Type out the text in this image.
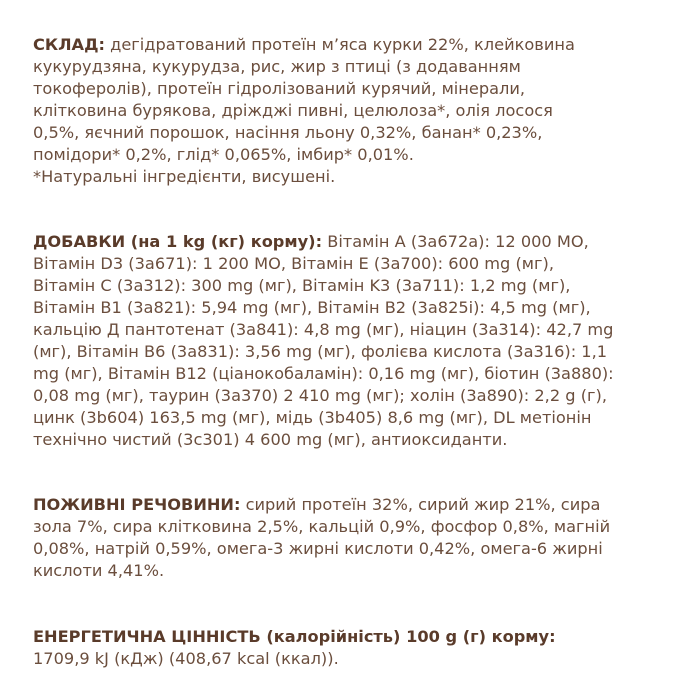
СКЛАД: дегідратований протеїн м’яса курки 22%, клейковина
кукурудзяна, кукурудза, рис, жир з птиці (з додаванням
токоферолів), протеїн гідролізований курячий, мінерали,
клітковина бурякова, дріжджі пивні, целюлоза*, олія лосося
0,5%, яєчний порошок, насіння льону 0,32%, банан* 0,23%,
помідори* 0,2%, глід* 0,065%, імбир* 0,01%.
*Натуральні інгредієнти, висушені.
ДОБАВКИ (на 1 kg (кг) корму): Вітамін A (3a672a): 12 000 МО,
Вітамін D3 (3a671): 1 200 МО, Вітамін E (3a700): 600 mg (мг),
Вітамін C (3a312): 300 mg (мг), Вітамін K3 (3a711): 1,2 mg (мг),
Вітамін B1 (3a821): 5,94 mg (мг), Вітамін B2 (3a825i): 4,5 mg (мг),
кальцію Д пантотенат (3a841): 4,8 mg (мг), ніацин (3a314): 42,7 mg
(мг), Вітамін B6 (3a831): 3,56 mg (мг), фолієва кислота (3a316): 1,1
mg (мг), Вітамін B12 (ціанокобаламін): 0,16 mg (мг), біотин (3a880):
0,08 mg (мг), таурин (3a370) 2 410 mg (мг); холін (3a890): 2,2 g (г),
цинк (3b604) 163,5 mg (мг), мідь (3b405) 8,6 mg (мг), DL метіонін
технічно чистий (3c301) 4 600 mg (мг), антиоксиданти.
ПОЖИВНІ РЕЧОВИНИ: сирий протеїн 32%, сирий жир 21%, сира
зола 7%, сира клітковина 2,5%, кальцій 0,9%, фосфор 0,8%, магній
0,08%, натрій 0,59%, омега-3 жирні кислоти 0,42%, омега-6 жирні
кислоти 4,41%.
ЕНЕРГЕТИЧНА ЦІННІСТЬ (калорійність) 100 g (г) корму:
1709,9 kJ (кДж) (408,67 kcal (ккал)).
